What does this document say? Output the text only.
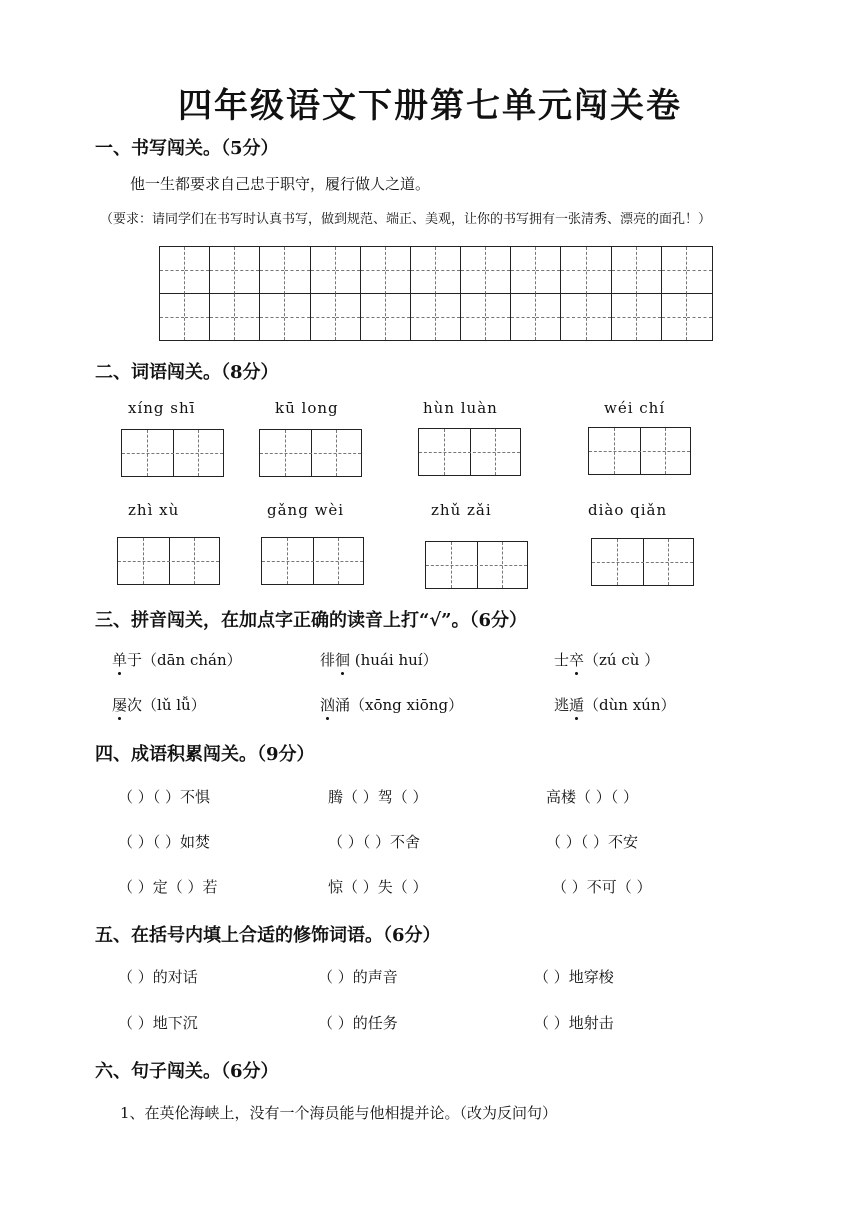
四年级语文下册第七单元闯关卷
一、书写闯关。（5分）
他一生都要求自己忠于职守，履行做人之道。
（要求：请同学们在书写时认真书写，做到规范、端正、美观，让你的书写拥有一张清秀、漂亮的面孔！）
二、词语闯关。（8分）
xíng shī	kū long	hùn luàn	wéi chí
zhì xù	gǎng wèi	zhǔ zǎi	diào qiǎn
三、拼音闯关，在加点字正确的读音上打“√”。（6分）
单于（dān chán）	徘徊 (huái huí）	士卒（zú cù ）
屡次（lǔ lǚ）	汹涌（xōng xiōng）	逃遁（dùn xún）
四、成语积累闯关。（9分）
（ ）（ ）不惧	腾（ ）驾（ ）	高楼（ ）（ ）
（ ）（ ）如焚	（ ）（ ）不舍	（ ）（ ）不安
（ ）定（ ）若	惊（ ）失（ ）	（ ）不可（ ）
五、在括号内填上合适的修饰词语。（6分）
（ ）的对话	（ ）的声音	（ ）地穿梭
（ ）地下沉	（ ）的任务	（ ）地射击
六、句子闯关。（6分）
1、在英伦海峡上，没有一个海员能与他相提并论。（改为反问句）
